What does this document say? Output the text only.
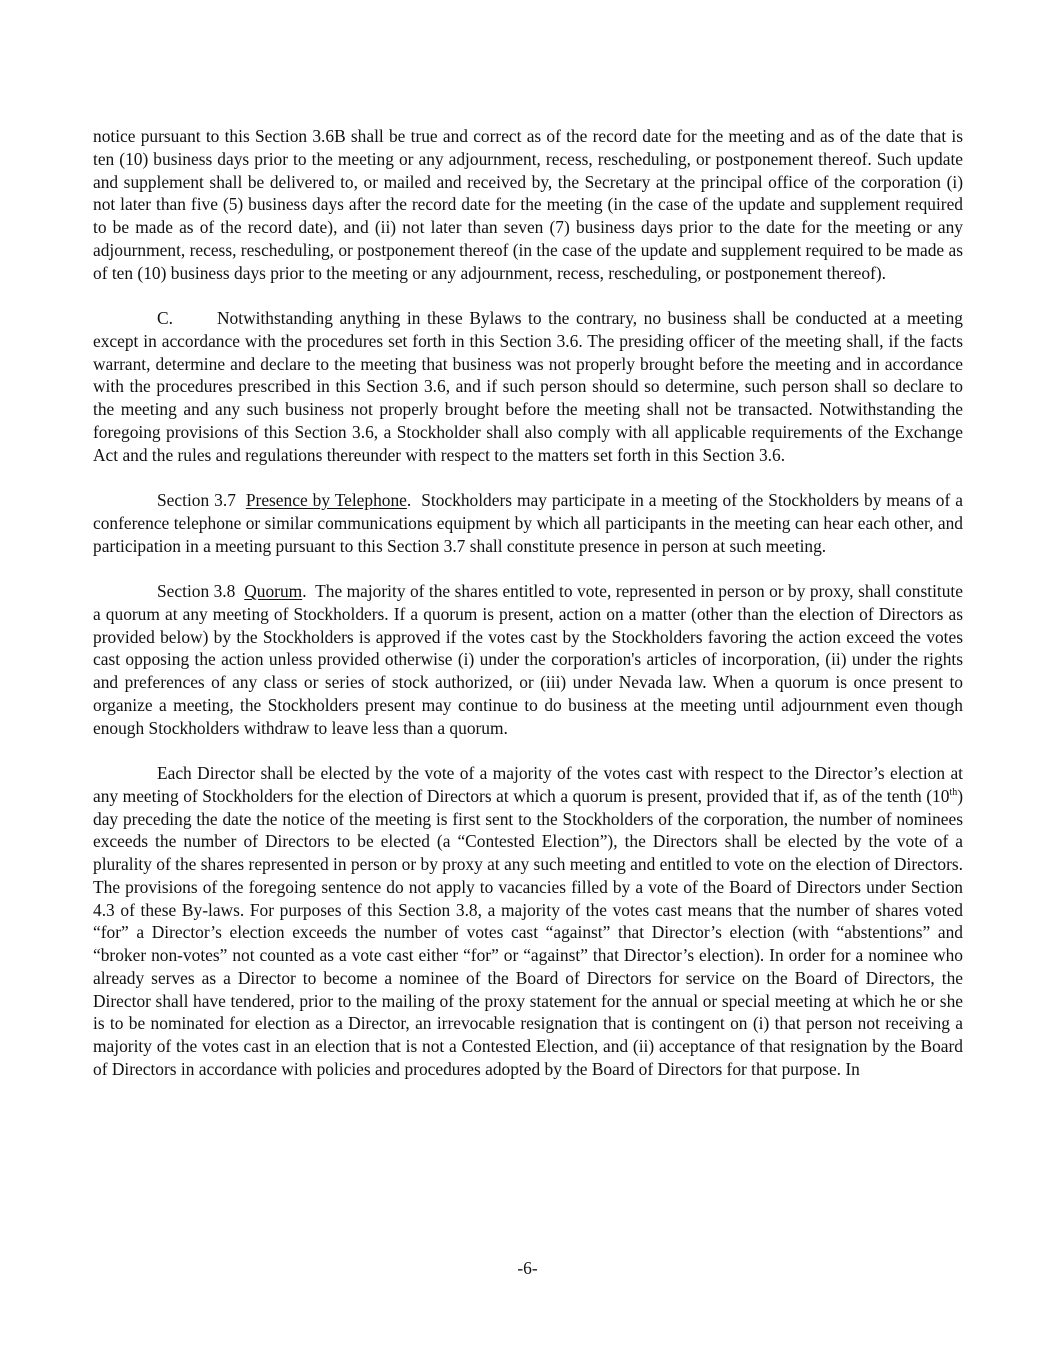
notice pursuant to this Section 3.6B shall be true and correct as of the record date for the meeting and as of the date that is ten (10) business days prior to the meeting or any adjournment, recess, rescheduling, or postponement thereof. Such update and supplement shall be delivered to, or mailed and received by, the Secretary at the principal office of the corporation (i) not later than five (5) business days after the record date for the meeting (in the case of the update and supplement required to be made as of the record date), and (ii) not later than seven (7) business days prior to the date for the meeting or any adjournment, recess, rescheduling, or postponement thereof (in the case of the update and supplement required to be made as of ten (10) business days prior to the meeting or any adjournment, recess, rescheduling, or postponement thereof).

C.	Notwithstanding anything in these Bylaws to the contrary, no business shall be conducted at a meeting except in accordance with the procedures set forth in this Section 3.6. The presiding officer of the meeting shall, if the facts warrant, determine and declare to the meeting that business was not properly brought before the meeting and in accordance with the procedures prescribed in this Section 3.6, and if such person should so determine, such person shall so declare to the meeting and any such business not properly brought before the meeting shall not be transacted. Notwithstanding the foregoing provisions of this Section 3.6, a Stockholder shall also comply with all applicable requirements of the Exchange Act and the rules and regulations thereunder with respect to the matters set forth in this Section 3.6.

Section 3.7 Presence by Telephone. Stockholders may participate in a meeting of the Stockholders by means of a conference telephone or similar communications equipment by which all participants in the meeting can hear each other, and participation in a meeting pursuant to this Section 3.7 shall constitute presence in person at such meeting.

Section 3.8 Quorum. The majority of the shares entitled to vote, represented in person or by proxy, shall constitute a quorum at any meeting of Stockholders. If a quorum is present, action on a matter (other than the election of Directors as provided below) by the Stockholders is approved if the votes cast by the Stockholders favoring the action exceed the votes cast opposing the action unless provided otherwise (i) under the corporation's articles of incorporation, (ii) under the rights and preferences of any class or series of stock authorized, or (iii) under Nevada law. When a quorum is once present to organize a meeting, the Stockholders present may continue to do business at the meeting until adjournment even though enough Stockholders withdraw to leave less than a quorum.

Each Director shall be elected by the vote of a majority of the votes cast with respect to the Director’s election at any meeting of Stockholders for the election of Directors at which a quorum is present, provided that if, as of the tenth (10th) day preceding the date the notice of the meeting is first sent to the Stockholders of the corporation, the number of nominees exceeds the number of Directors to be elected (a “Contested Election”), the Directors shall be elected by the vote of a plurality of the shares represented in person or by proxy at any such meeting and entitled to vote on the election of Directors. The provisions of the foregoing sentence do not apply to vacancies filled by a vote of the Board of Directors under Section 4.3 of these By-laws. For purposes of this Section 3.8, a majority of the votes cast means that the number of shares voted “for” a Director’s election exceeds the number of votes cast “against” that Director’s election (with “abstentions” and “broker non-votes” not counted as a vote cast either “for” or “against” that Director’s election). In order for a nominee who already serves as a Director to become a nominee of the Board of Directors for service on the Board of Directors, the Director shall have tendered, prior to the mailing of the proxy statement for the annual or special meeting at which he or she is to be nominated for election as a Director, an irrevocable resignation that is contingent on (i) that person not receiving a majority of the votes cast in an election that is not a Contested Election, and (ii) acceptance of that resignation by the Board of Directors in accordance with policies and procedures adopted by the Board of Directors for that purpose. In

-6-
